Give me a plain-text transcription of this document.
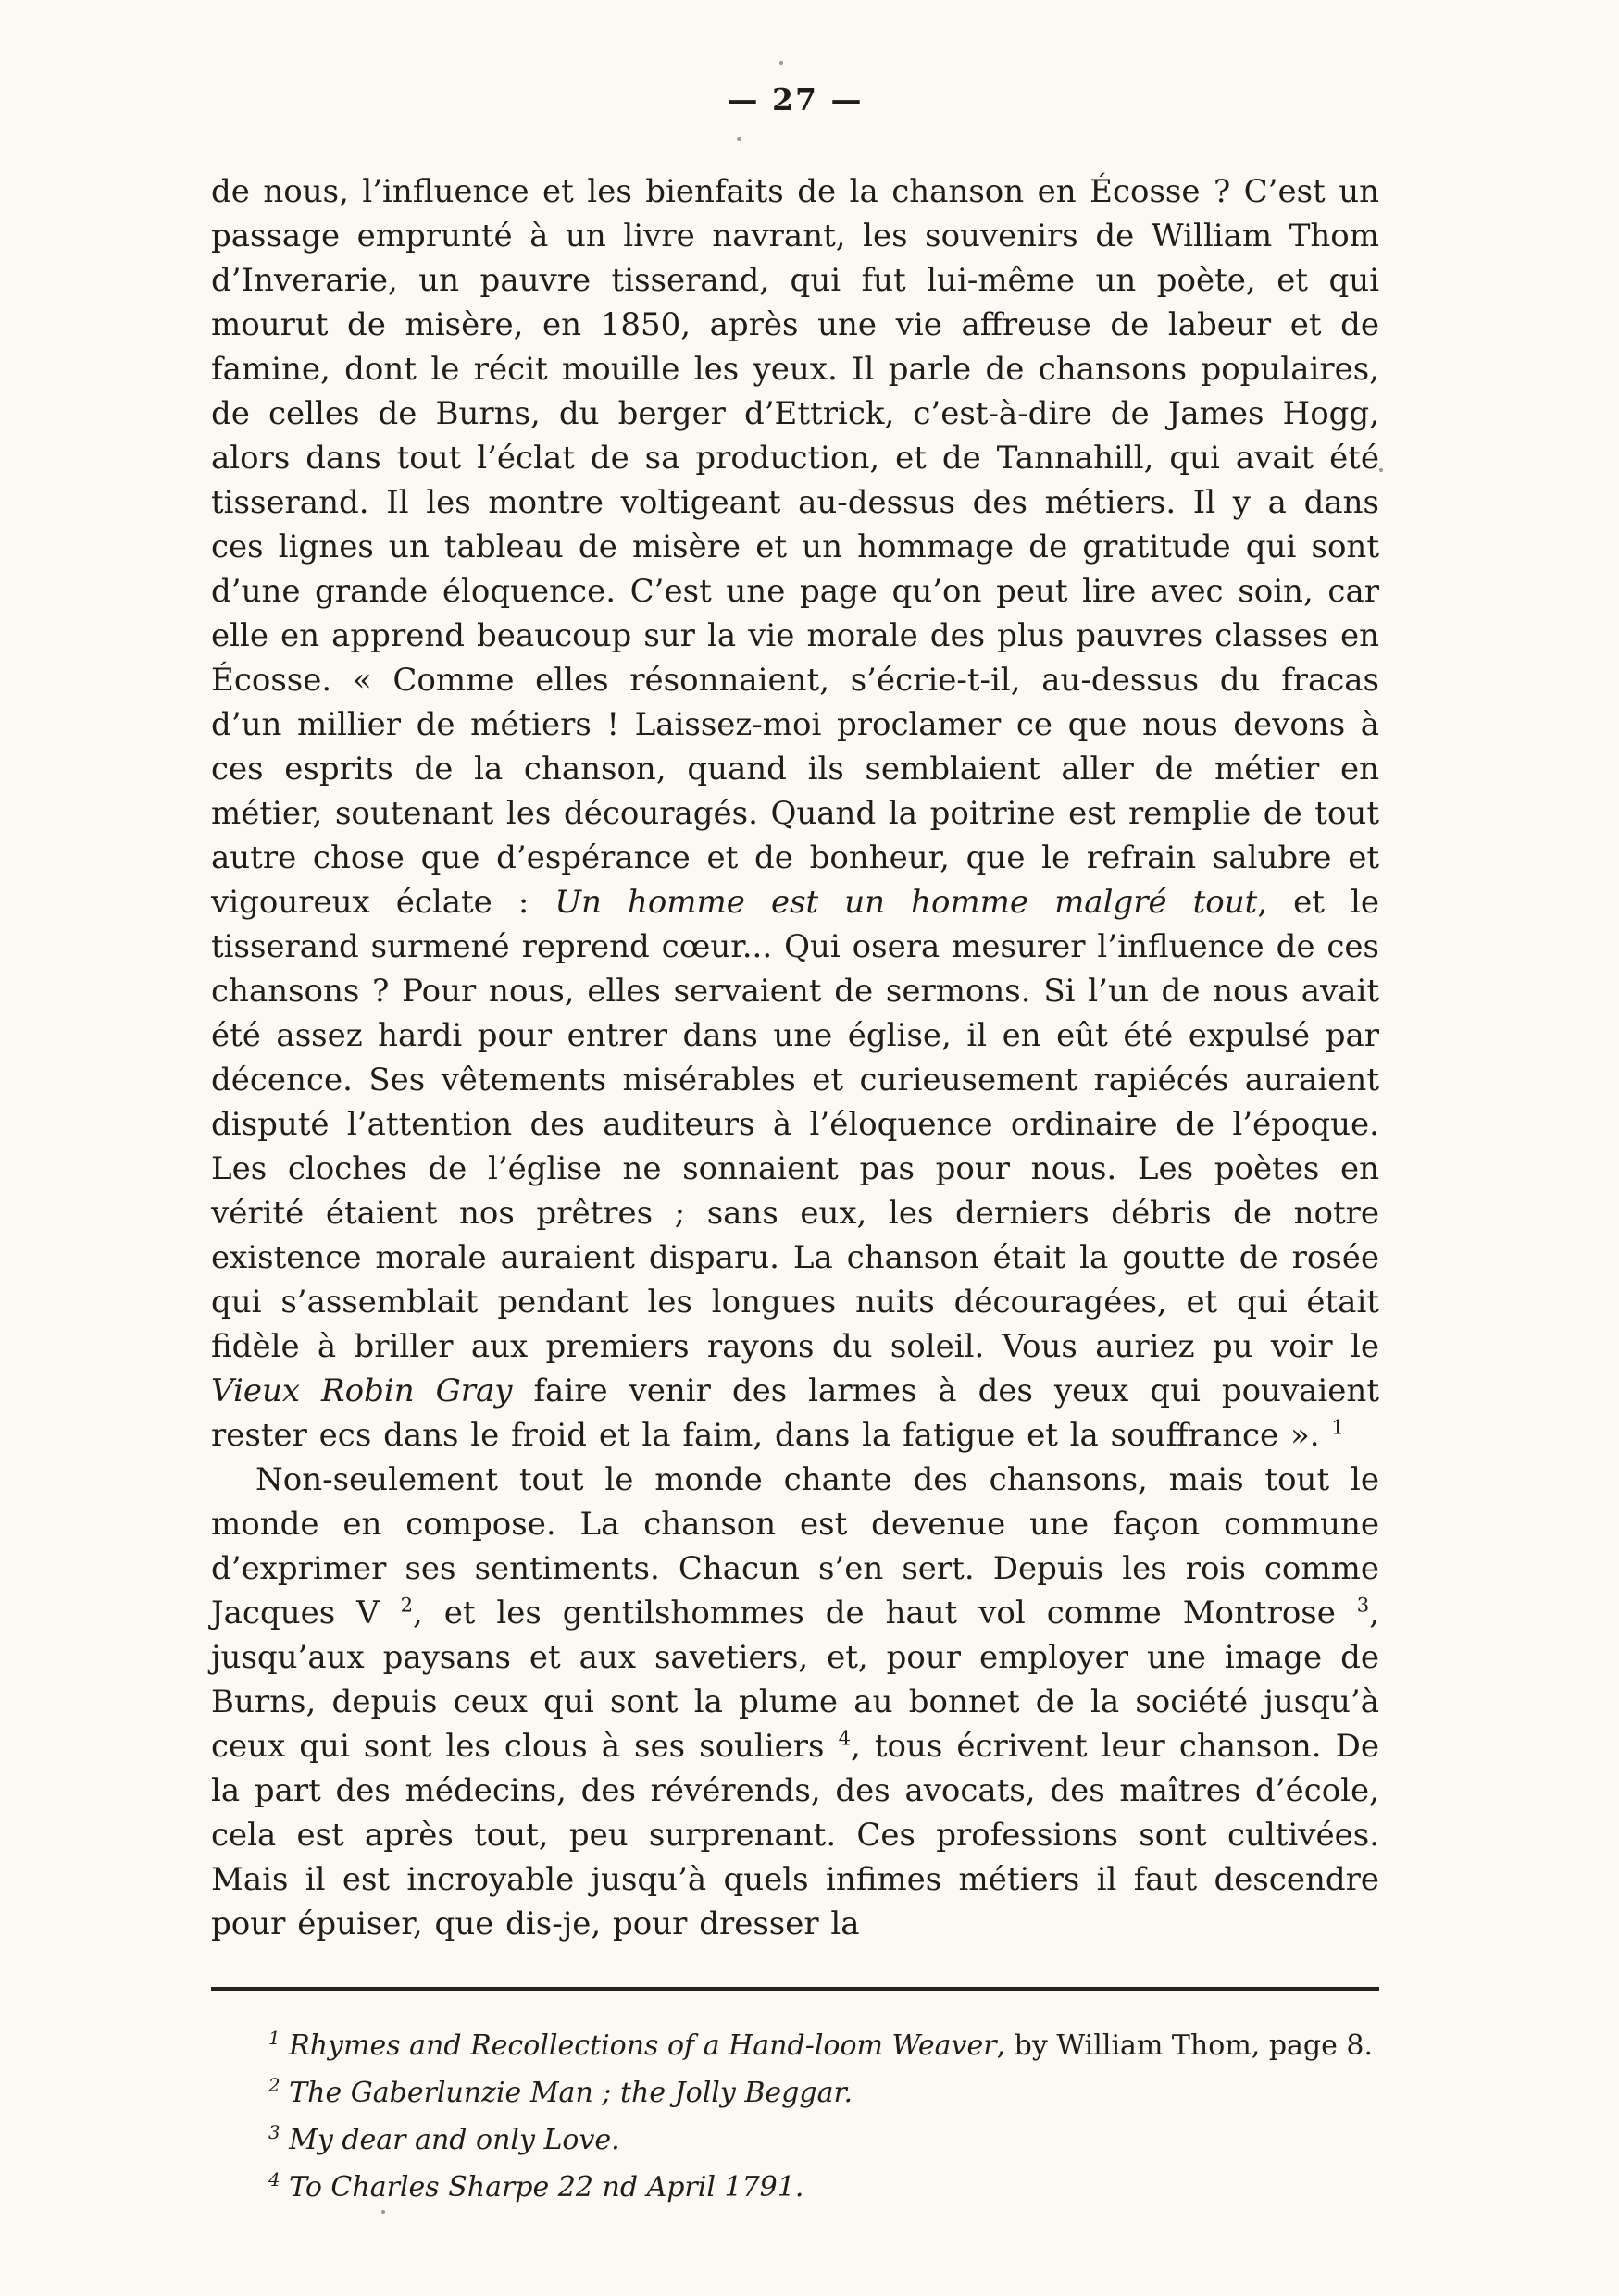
— 27 —

de nous, l’influence et les bienfaits de la chanson en Écosse ? C’est un passage emprunté à un livre navrant, les souvenirs de William Thom d’Inverarie, un pauvre tisserand, qui fut lui-même un poète, et qui mourut de misère, en 1850, après une vie affreuse de labeur et de famine, dont le récit mouille les yeux. Il parle de chansons populaires, de celles de Burns, du berger d’Ettrick, c’est-à-dire de James Hogg, alors dans tout l’éclat de sa production, et de Tannahill, qui avait été tisserand. Il les montre voltigeant au-dessus des métiers. Il y a dans ces lignes un tableau de misère et un hommage de gratitude qui sont d’une grande éloquence. C’est une page qu’on peut lire avec soin, car elle en apprend beaucoup sur la vie morale des plus pauvres classes en Écosse. « Comme elles résonnaient, s’écrie-t-il, au-dessus du fracas d’un millier de métiers ! Laissez-moi proclamer ce que nous devons à ces esprits de la chanson, quand ils semblaient aller de métier en métier, soutenant les découragés. Quand la poitrine est remplie de tout autre chose que d’espérance et de bonheur, que le refrain salubre et vigoureux éclate : Un homme est un homme malgré tout, et le tisserand surmené reprend cœur... Qui osera mesurer l’influence de ces chansons ? Pour nous, elles servaient de sermons. Si l’un de nous avait été assez hardi pour entrer dans une église, il en eût été expulsé par décence. Ses vêtements misérables et curieusement rapiécés auraient disputé l’attention des auditeurs à l’éloquence ordinaire de l’époque. Les cloches de l’église ne sonnaient pas pour nous. Les poètes en vérité étaient nos prêtres ; sans eux, les derniers débris de notre existence morale auraient disparu. La chanson était la goutte de rosée qui s’assemblait pendant les longues nuits découragées, et qui était fidèle à briller aux premiers rayons du soleil. Vous auriez pu voir le Vieux Robin Gray faire venir des larmes à des yeux qui pouvaient rester ecs dans le froid et la faim, dans la fatigue et la souffrance ». $^1$

Non-seulement tout le monde chante des chansons, mais tout le monde en compose. La chanson est devenue une façon commune d’exprimer ses sentiments. Chacun s’en sert. Depuis les rois comme Jacques V $^2$, et les gentilshommes de haut vol comme Montrose $^3$, jusqu’aux paysans et aux savetiers, et, pour employer une image de Burns, depuis ceux qui sont la plume au bonnet de la société jusqu’à ceux qui sont les clous à ses souliers $^4$, tous écrivent leur chanson. De la part des médecins, des révérends, des avocats, des maîtres d’école, cela est après tout, peu surprenant. Ces professions sont cultivées. Mais il est incroyable jusqu’à quels infimes métiers il faut descendre pour épuiser, que dis-je, pour dresser la

$^1$ Rhymes and Recollections of a Hand-loom Weaver, by William Thom, page 8.
$^2$ The Gaberlunzie Man ; the Jolly Beggar.
$^3$ My dear and only Love.
$^4$ To Charles Sharpe 22 nd April 1791.
